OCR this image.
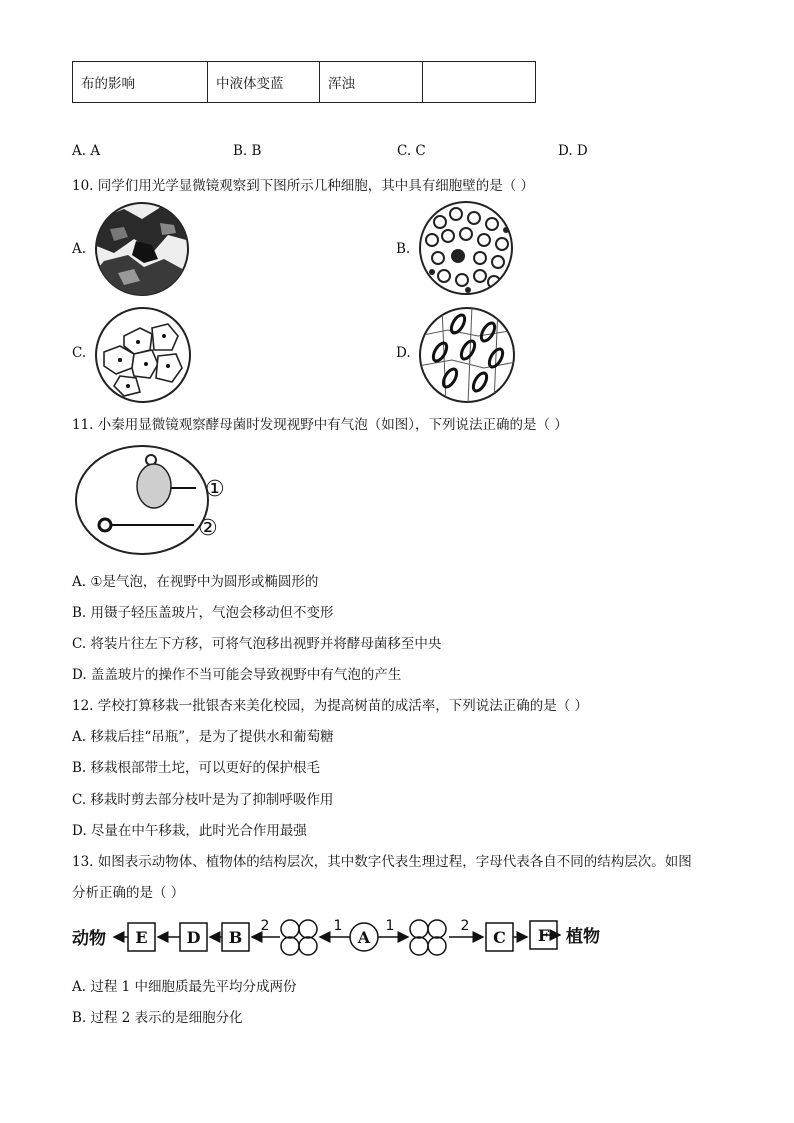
布的影响	中液体变蓝	浑浊	
A. A	B. B	C. C	D. D
10. 同学们用光学显微镜观察到下图所示几种细胞，其中具有细胞壁的是（ ）
A.	B.
C.	D.
11. 小秦用显微镜观察酵母菌时发现视野中有气泡（如图），下列说法正确的是（ ）
①
②
A. ①是气泡，在视野中为圆形或椭圆形的
B. 用镊子轻压盖玻片，气泡会移动但不变形
C. 将装片往左下方移，可将气泡移出视野并将酵母菌移至中央
D. 盖盖玻片的操作不当可能会导致视野中有气泡的产生
12. 学校打算移栽一批银杏来美化校园，为提高树苗的成活率，下列说法正确的是（ ）
A. 移栽后挂“吊瓶”，是为了提供水和葡萄糖
B. 移栽根部带土坨，可以更好的保护根毛
C. 移栽时剪去部分枝叶是为了抑制呼吸作用
D. 尽量在中午移栽，此时光合作用最强
13. 如图表示动物体、植物体的结构层次，其中数字代表生理过程，字母代表各自不同的结构层次。如图
分析正确的是（ ）
动物	植物
E D B	A	C F
2	1	1	2
A. 过程 1 中细胞质最先平均分成两份
B. 过程 2 表示的是细胞分化
